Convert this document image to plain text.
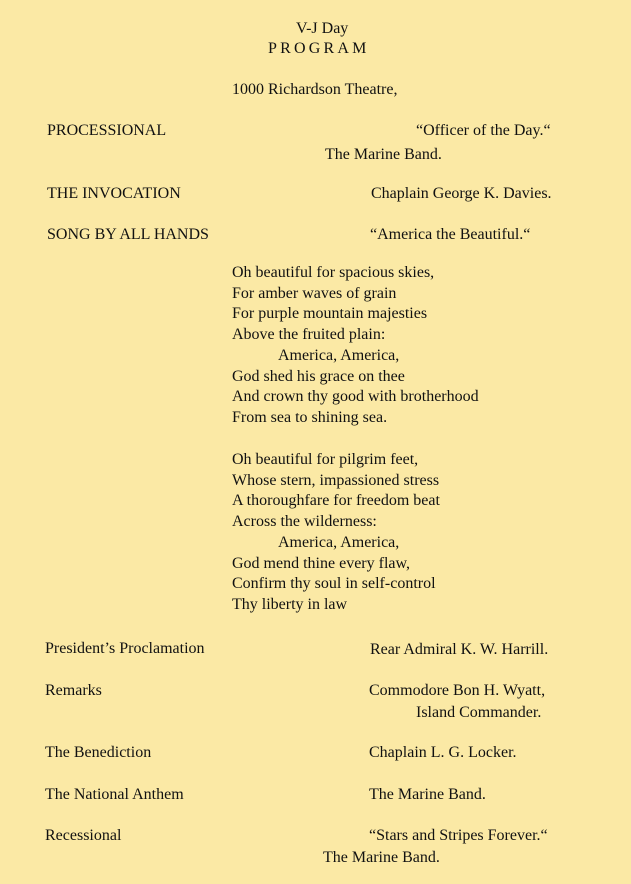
V-J Day
PROGRAM
1000 Richardson Theatre,
PROCESSIONAL	“Officer of the Day.“
The Marine Band.
THE INVOCATION	Chaplain George K. Davies.
SONG BY ALL HANDS	“America the Beautiful.“
Oh beautiful for spacious skies,
For amber waves of grain
For purple mountain majesties
Above the fruited plain:
America, America,
God shed his grace on thee
And crown thy good with brotherhood
From sea to shining sea.
Oh beautiful for pilgrim feet,
Whose stern, impassioned stress
A thoroughfare for freedom beat
Across the wilderness:
America, America,
God mend thine every flaw,
Confirm thy soul in self-control
Thy liberty in law
President’s Proclamation	Rear Admiral K. W. Harrill.
Remarks	Commodore Bon H. Wyatt,
Island Commander.
The Benediction	Chaplain L. G. Locker.
The National Anthem	The Marine Band.
Recessional	“Stars and Stripes Forever.“
The Marine Band.
